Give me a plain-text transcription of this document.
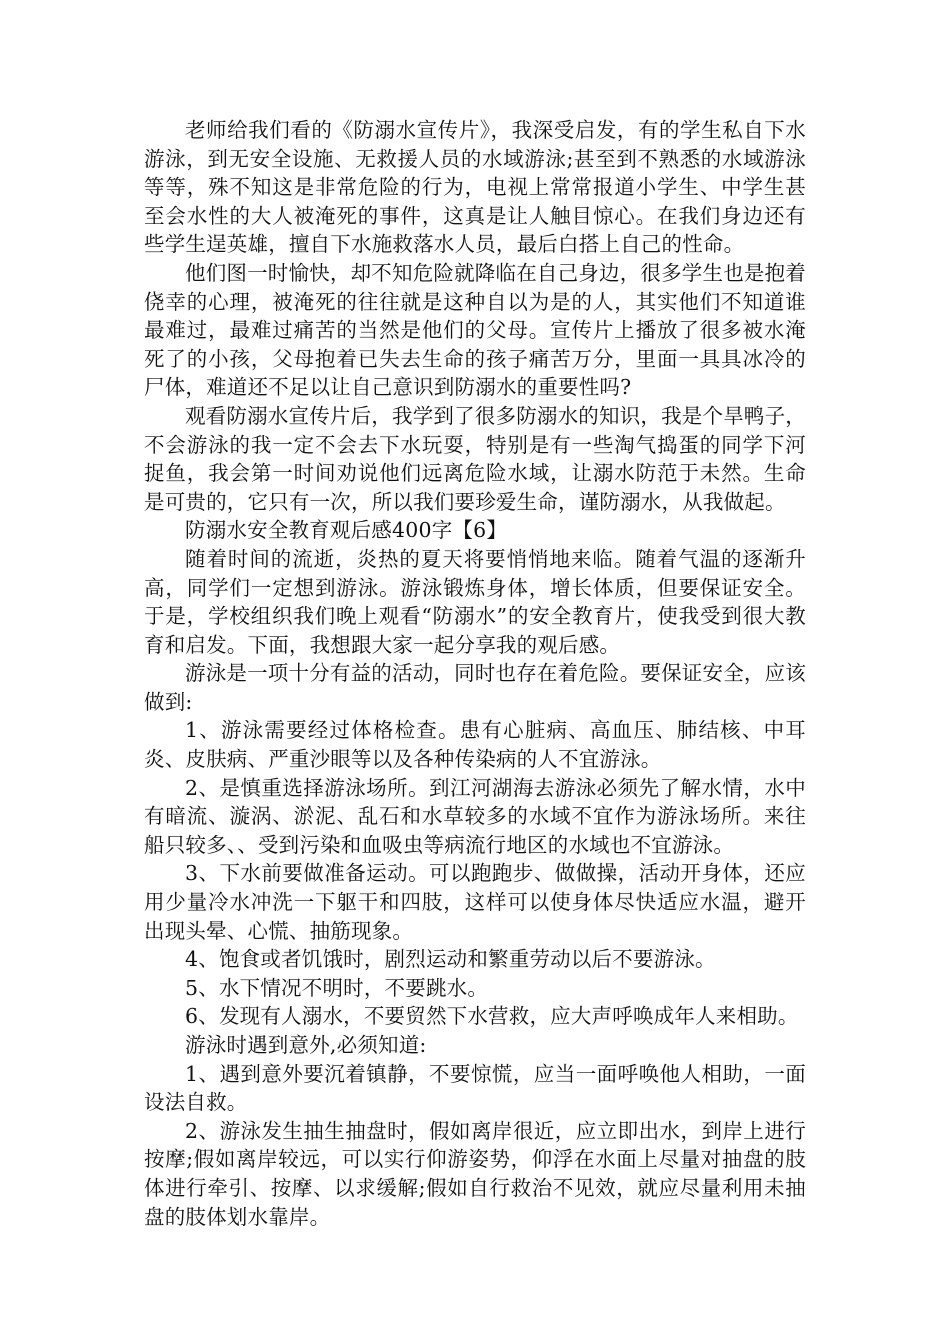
老师给我们看的《防溺水宣传片》，我深受启发，有的学生私自下水游泳，到无安全设施、无救援人员的水域游泳;甚至到不熟悉的水域游泳等等，殊不知这是非常危险的行为，电视上常常报道小学生、中学生甚至会水性的大人被淹死的事件，这真是让人触目惊心。在我们身边还有些学生逞英雄，擅自下水施救落水人员，最后白搭上自己的性命。

他们图一时愉快，却不知危险就降临在自己身边，很多学生也是抱着侥幸的心理，被淹死的往往就是这种自以为是的人，其实他们不知道谁最难过，最难过痛苦的当然是他们的父母。宣传片上播放了很多被水淹死了的小孩，父母抱着已失去生命的孩子痛苦万分，里面一具具冰冷的尸体，难道还不足以让自己意识到防溺水的重要性吗?

观看防溺水宣传片后，我学到了很多防溺水的知识，我是个旱鸭子，不会游泳的我一定不会去下水玩耍，特别是有一些淘气捣蛋的同学下河捉鱼，我会第一时间劝说他们远离危险水域，让溺水防范于未然。生命是可贵的，它只有一次，所以我们要珍爱生命，谨防溺水，从我做起。

防溺水安全教育观后感400字【6】

随着时间的流逝，炎热的夏天将要悄悄地来临。随着气温的逐渐升高，同学们一定想到游泳。游泳锻炼身体，增长体质，但要保证安全。于是，学校组织我们晚上观看“防溺水”的安全教育片，使我受到很大教育和启发。下面，我想跟大家一起分享我的观后感。

游泳是一项十分有益的活动，同时也存在着危险。要保证安全，应该做到:

1、游泳需要经过体格检查。患有心脏病、高血压、肺结核、中耳炎、皮肤病、严重沙眼等以及各种传染病的人不宜游泳。

2、是慎重选择游泳场所。到江河湖海去游泳必须先了解水情，水中有暗流、漩涡、淤泥、乱石和水草较多的水域不宜作为游泳场所。来往船只较多、、受到污染和血吸虫等病流行地区的水域也不宜游泳。

3、下水前要做准备运动。可以跑跑步、做做操，活动开身体，还应用少量冷水冲洗一下躯干和四肢，这样可以使身体尽快适应水温，避开出现头晕、心慌、抽筋现象。

4、饱食或者饥饿时，剧烈运动和繁重劳动以后不要游泳。

5、水下情况不明时，不要跳水。

6、发现有人溺水，不要贸然下水营救，应大声呼唤成年人来相助。

游泳时遇到意外,必须知道:

1、遇到意外要沉着镇静，不要惊慌，应当一面呼唤他人相助，一面设法自救。

2、游泳发生抽生抽盘时，假如离岸很近，应立即出水，到岸上进行按摩;假如离岸较远，可以实行仰游姿势，仰浮在水面上尽量对抽盘的肢体进行牵引、按摩、以求缓解;假如自行救治不见效，就应尽量利用未抽盘的肢体划水靠岸。
